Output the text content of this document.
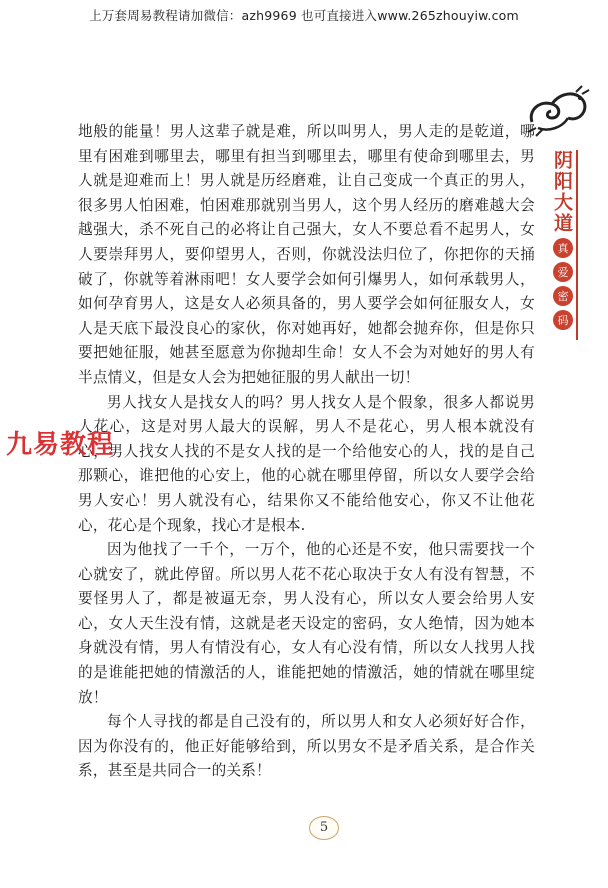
上万套周易教程请加微信：azh9969 也可直接进入www.265zhouyiw.com
阴阳大道
真
爱
密
码

地般的能量！男人这辈子就是难，所以叫男人，男人走的是乾道，哪里有困难到哪里去，哪里有担当到哪里去，哪里有使命到哪里去，男人就是迎难而上！男人就是历经磨难，让自己变成一个真正的男人，很多男人怕困难，怕困难那就别当男人，这个男人经历的磨难越大会越强大，杀不死自己的必将让自己强大，女人不要总看不起男人，女人要崇拜男人，要仰望男人，否则，你就没法归位了，你把你的天捅破了，你就等着淋雨吧！女人要学会如何引爆男人，如何承载男人，如何孕育男人，这是女人必须具备的，男人要学会如何征服女人，女人是天底下最没良心的家伙，你对她再好，她都会抛弃你，但是你只要把她征服，她甚至愿意为你抛却生命！女人不会为对她好的男人有半点情义，但是女人会为把她征服的男人献出一切！

男人找女人是找女人的吗？男人找女人是个假象，很多人都说男人花心，这是对男人最大的误解，男人不是花心，男人根本就没有心，男人找女人找的不是女人找的是一个给他安心的人，找的是自己那颗心，谁把他的心安上，他的心就在哪里停留，所以女人要学会给男人安心！男人就没有心，结果你又不能给他安心，你又不让他花心，花心是个现象，找心才是根本.

因为他找了一千个，一万个，他的心还是不安，他只需要找一个心就安了，就此停留。所以男人花不花心取决于女人有没有智慧，不要怪男人了，都是被逼无奈，男人没有心，所以女人要会给男人安心，女人天生没有情，这就是老天设定的密码，女人绝情，因为她本身就没有情，男人有情没有心，女人有心没有情，所以女人找男人找的是谁能把她的情激活的人，谁能把她的情激活，她的情就在哪里绽放！

每个人寻找的都是自己没有的，所以男人和女人必须好好合作，因为你没有的，他正好能够给到，所以男女不是矛盾关系，是合作关系，甚至是共同合一的关系！

九易教程
5
